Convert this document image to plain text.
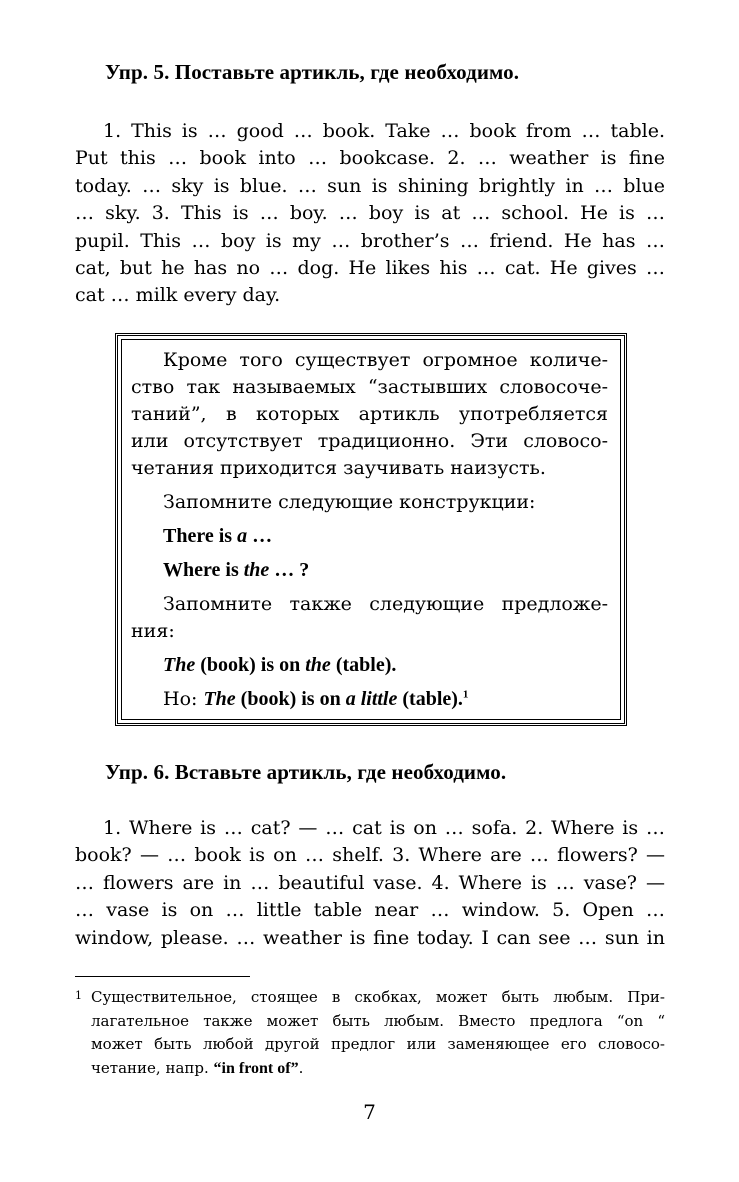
Упр. 5. Поставьте артикль, где необходимо.
1. This is … good … book. Take … book from … table.
Put this … book into … bookcase. 2. … weather is fine
today. … sky is blue. … sun is shining brightly in … blue
… sky. 3. This is … boy. … boy is at … school. He is …
pupil. This … boy is my … brother’s … friend. He has …
cat, but he has no … dog. He likes his … cat. He gives …
cat … milk every day.
Кроме того существует огромное количе-
ство так называемых “застывших словосоче-
таний”, в которых артикль употребляется
или отсутствует традиционно. Эти словосо-
четания приходится заучивать наизусть.
Запомните следующие конструкции:
There is a …
Where is the … ?
Запомните также следующие предложе-
ния:
The (book) is on the (table).
Но: The (book) is on a little (table).$^1$
Упр. 6. Вставьте артикль, где необходимо.
1. Where is … cat? — … cat is on … sofa. 2. Where is …
book? — … book is on … shelf. 3. Where are … flowers? —
… flowers are in … beautiful vase. 4. Where is … vase? —
… vase is on … little table near … window. 5. Open …
window, please. … weather is fine today. I can see … sun in
1 Существительное, стоящее в скобках, может быть любым. При-
лагательное также может быть любым. Вместо предлога “on “
может быть любой другой предлог или заменяющее его словосо-
четание, напр. “in front of”.
7
